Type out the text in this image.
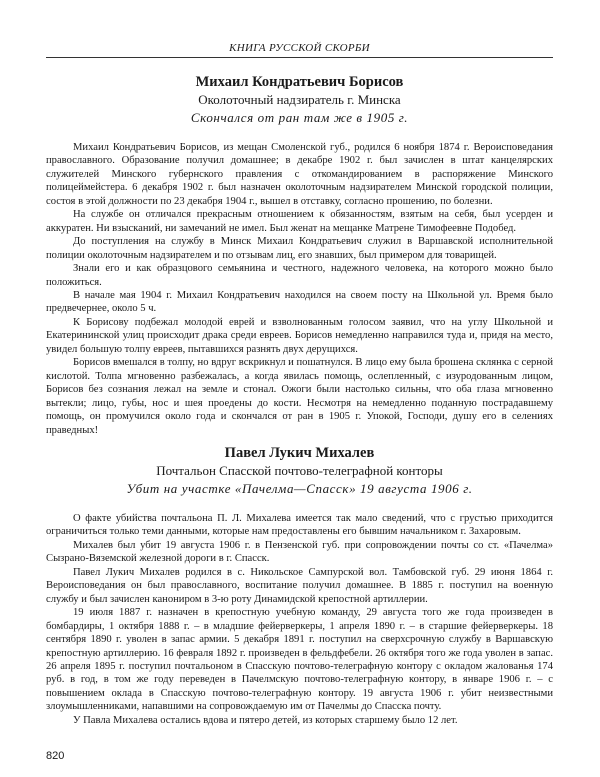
КНИГА РУССКОЙ СКОРБИ
Михаил Кондратьевич Борисов
Околоточный надзиратель г. Минска
Скончался от ран там же в 1905 г.

Михаил Кондратьевич Борисов, из мещан Смоленской губ., родился 6 ноября 1874 г. Вероисповедания православного. Образование получил домашнее; в декабре 1902 г. был зачислен в штат канцелярских служителей Минского губернского правления с откомандированием в распоряжение Минского полицеймейстера. 6 декабря 1902 г. был назначен околоточным надзирателем Минской городской полиции, состоя в этой должности по 23 декабря 1904 г., вышел в отставку, согласно прошению, по болезни.

На службе он отличался прекрасным отношением к обязанностям, взятым на себя, был усерден и аккуратен. Ни взысканий, ни замечаний не имел. Был женат на мещанке Матрене Тимофеевне Подобед.

До поступления на службу в Минск Михаил Кондратьевич служил в Варшавской исполнительной полиции околоточным надзирателем и по отзывам лиц, его знавших, был примером для товарищей.

Знали его и как образцового семьянина и честного, надежного человека, на которого можно было положиться.

В начале мая 1904 г. Михаил Кондратьевич находился на своем посту на Школьной ул. Время было предвечернее, около 5 ч.

К Борисову подбежал молодой еврей и взволнованным голосом заявил, что на углу Школьной и Екатерининской улиц происходит драка среди евреев. Борисов немедленно направился туда и, придя на место, увидел большую толпу евреев, пытавшихся разнять двух дерущихся.

Борисов вмешался в толпу, но вдруг вскрикнул и пошатнулся. В лицо ему была брошена склянка с серной кислотой. Толпа мгновенно разбежалась, а когда явилась помощь, ослепленный, с изуродованным лицом, Борисов без сознания лежал на земле и стонал. Ожоги были настолько сильны, что оба глаза мгновенно вытекли; лицо, губы, нос и шея проедены до кости. Несмотря на немедленно поданную пострадавшему помощь, он промучился около года и скончался от ран в 1905 г. Упокой, Господи, душу его в селениях праведных!

Павел Лукич Михалев
Почтальон Спасской почтово-телеграфной конторы
Убит на участке «Пачелма—Спасск» 19 августа 1906 г.

О факте убийства почтальона П. Л. Михалева имеется так мало сведений, что с грустью приходится ограничиться только теми данными, которые нам предоставлены его бывшим начальником г. Захаровым.

Михалев был убит 19 августа 1906 г. в Пензенской губ. при сопровождении почты со ст. «Пачелма» Сызрано-Вяземской железной дороги в г. Спасск.

Павел Лукич Михалев родился в с. Никольское Сампурской вол. Тамбовской губ. 29 июня 1864 г. Вероисповедания он был православного, воспитание получил домашнее. В 1885 г. поступил на военную службу и был зачислен канониром в 3-ю роту Динамидской крепостной артиллерии.

19 июля 1887 г. назначен в крепостную учебную команду, 29 августа того же года произведен в бомбардиры, 1 октября 1888 г. – в младшие фейерверкеры, 1 апреля 1890 г. – в старшие фейерверкеры. 18 сентября 1890 г. уволен в запас армии. 5 декабря 1891 г. поступил на сверхсрочную службу в Варшавскую крепостную артиллерию. 16 февраля 1892 г. произведен в фельдфебели. 26 октября того же года уволен в запас. 26 апреля 1895 г. поступил почтальоном в Спасскую почтово-телеграфную контору с окладом жалованья 174 руб. в год, в том же году переведен в Пачелмскую почтово-телеграфную контору, в январе 1906 г. – с повышением оклада в Спасскую почтово-телеграфную контору. 19 августа 1906 г. убит неизвестными злоумышленниками, напавшими на сопровождаемую им от Пачелмы до Спасска почту.

У Павла Михалева остались вдова и пятеро детей, из которых старшему было 12 лет.

820
